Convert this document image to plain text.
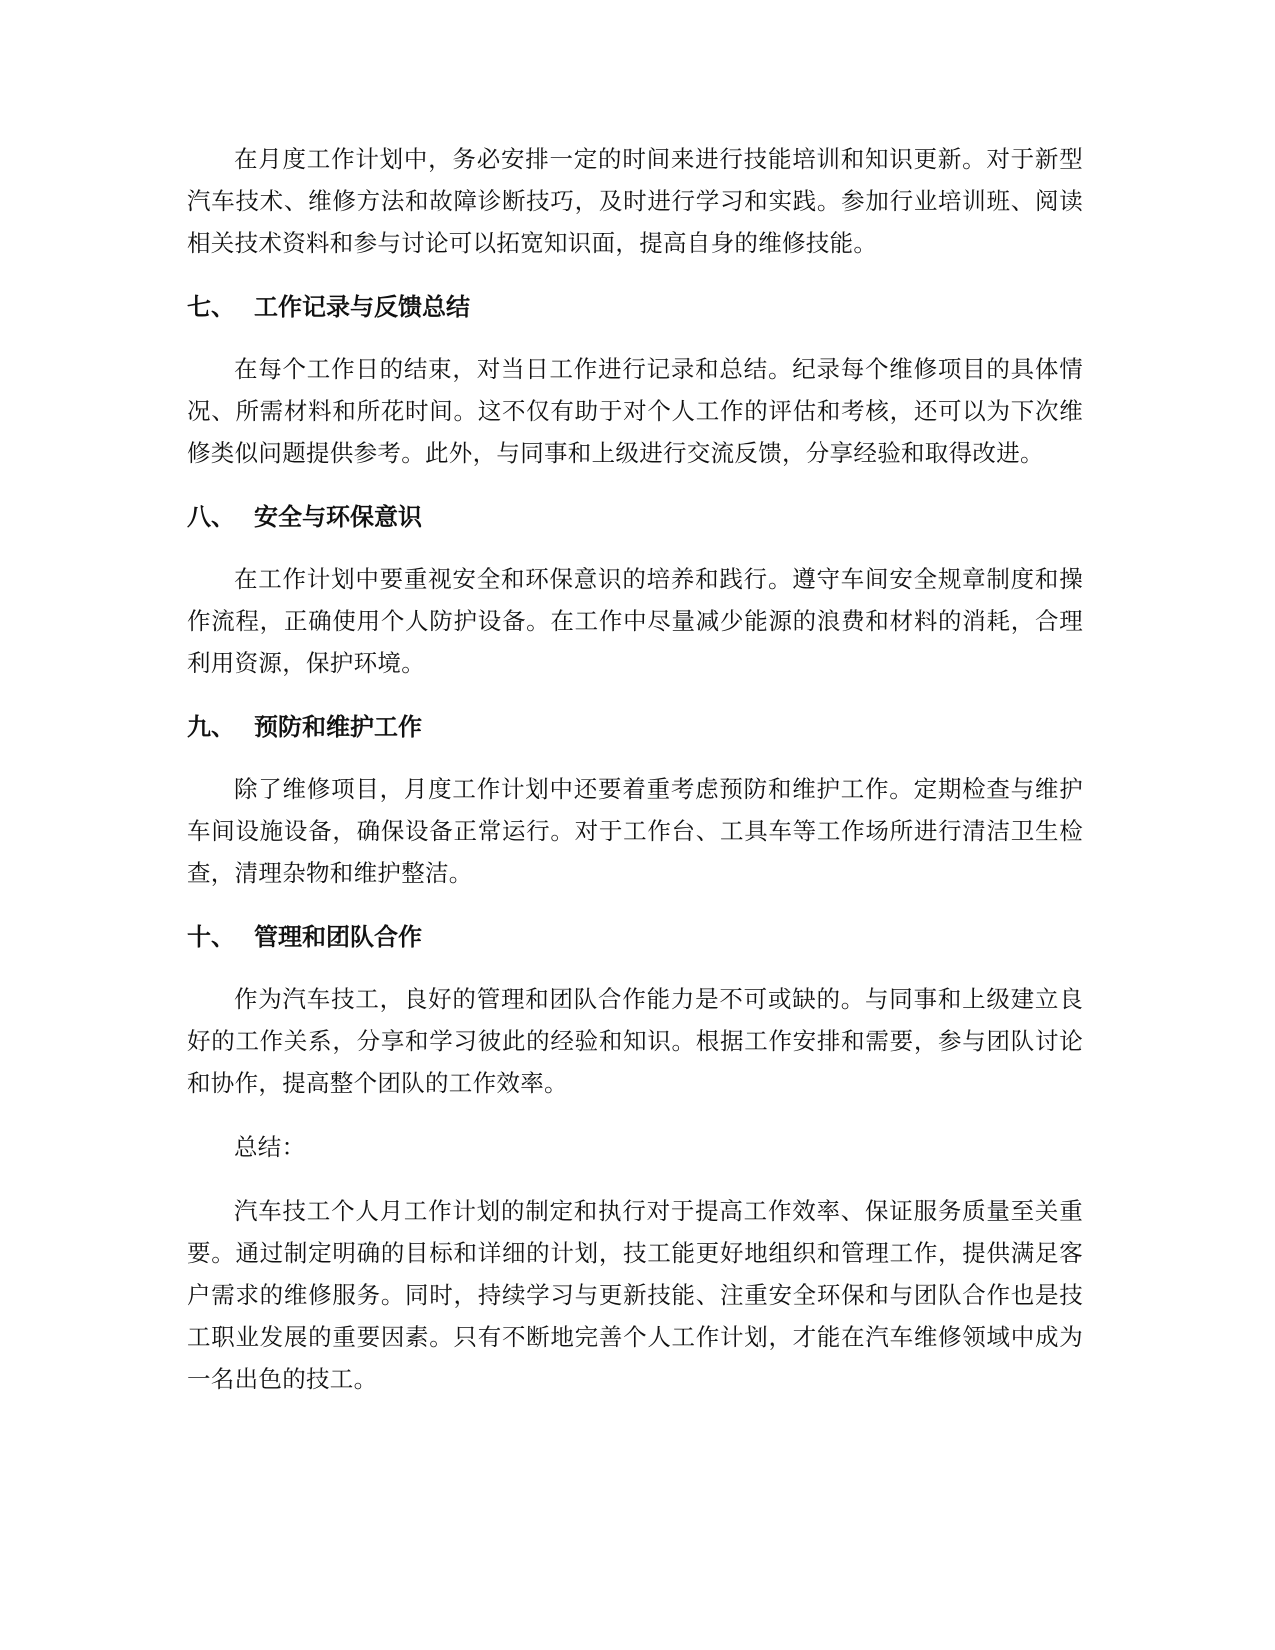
在月度工作计划中，务必安排一定的时间来进行技能培训和知识更新。对于新型汽车技术、维修方法和故障诊断技巧，及时进行学习和实践。参加行业培训班、阅读相关技术资料和参与讨论可以拓宽知识面，提高自身的维修技能。

七、 工作记录与反馈总结

在每个工作日的结束，对当日工作进行记录和总结。纪录每个维修项目的具体情况、所需材料和所花时间。这不仅有助于对个人工作的评估和考核，还可以为下次维修类似问题提供参考。此外，与同事和上级进行交流反馈，分享经验和取得改进。

八、 安全与环保意识

在工作计划中要重视安全和环保意识的培养和践行。遵守车间安全规章制度和操作流程，正确使用个人防护设备。在工作中尽量减少能源的浪费和材料的消耗，合理利用资源，保护环境。

九、 预防和维护工作

除了维修项目，月度工作计划中还要着重考虑预防和维护工作。定期检查与维护车间设施设备，确保设备正常运行。对于工作台、工具车等工作场所进行清洁卫生检查，清理杂物和维护整洁。

十、 管理和团队合作

作为汽车技工，良好的管理和团队合作能力是不可或缺的。与同事和上级建立良好的工作关系，分享和学习彼此的经验和知识。根据工作安排和需要，参与团队讨论和协作，提高整个团队的工作效率。

总结：

汽车技工个人月工作计划的制定和执行对于提高工作效率、保证服务质量至关重要。通过制定明确的目标和详细的计划，技工能更好地组织和管理工作，提供满足客户需求的维修服务。同时，持续学习与更新技能、注重安全环保和与团队合作也是技工职业发展的重要因素。只有不断地完善个人工作计划，才能在汽车维修领域中成为一名出色的技工。
